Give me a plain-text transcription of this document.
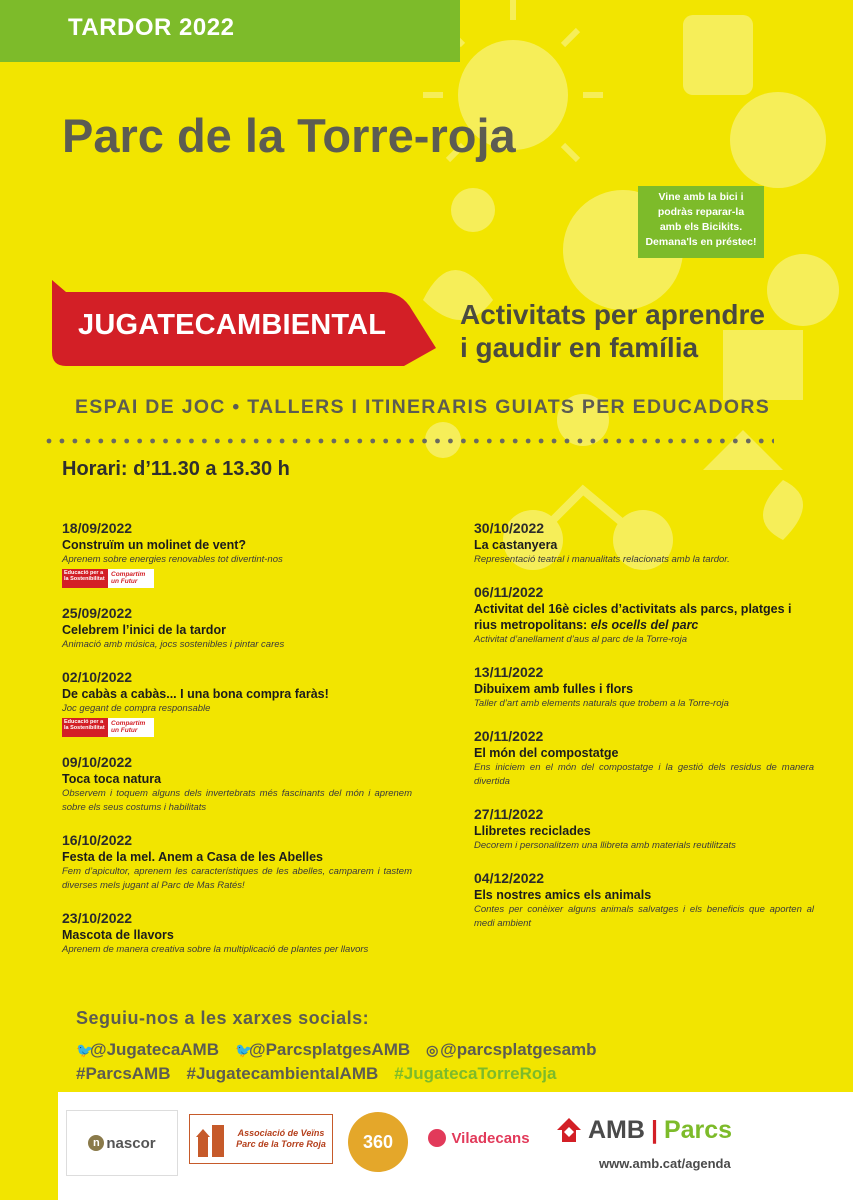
TARDOR 2022
Parc de la Torre-roja
Vine amb la bici i
podràs reparar-la
amb els Bicikits.
Demana'ls en préstec!
JUGATECAMBIENTAL	Activitats per aprendre
i gaudir en família
ESPAI DE JOC • TALLERS I ITINERARIS GUIATS PER EDUCADORS
Horari: d’11.30 a 13.30 h
18/09/2022
Construïm un molinet de vent?
Aprenem sobre energies renovables tot divertint-nos
Educació per a la Sostenibilitat
Compartim un Futur
25/09/2022
Celebrem l’inici de la tardor
Animació amb música, jocs sostenibles i pintar cares
02/10/2022
De cabàs a cabàs... I una bona compra faràs!
Joc gegant de compra responsable
Educació per a la Sostenibilitat
Compartim un Futur
09/10/2022
Toca toca natura
Observem i toquem alguns dels invertebrats més fascinants del món i aprenem sobre els seus costums i habilitats
16/10/2022
Festa de la mel. Anem a Casa de les Abelles
Fem d’apicultor, aprenem les característiques de les abelles, camparem i tastem diverses mels jugant al Parc de Mas Ratés!
23/10/2022
Mascota de llavors
Aprenem de manera creativa sobre la multiplicació de plantes per llavors
30/10/2022
La castanyera
Representació teatral i manualitats relacionats amb la tardor.
06/11/2022
Activitat del 16è cicles d’activitats als parcs, platges i rius metropolitans: els ocells del parc
Activitat d’anellament d’aus al parc de la Torre-roja
13/11/2022
Dibuixem amb fulles i flors
Taller d’art amb elements naturals que trobem a la Torre-roja
20/11/2022
El món del compostatge
Ens iniciem en el món del compostatge i la gestió dels residus de manera divertida
27/11/2022
Llibretes reciclades
Decorem i personalitzem una llibreta amb materials reutilitzats
04/12/2022
Els nostres amics els animals
Contes per conèixer alguns animals salvatges i els beneficis que aporten al medi ambient
Seguiu-nos a les xarxes socials:
🐦@JugatecaAMB 🐦@ParcsplatgesAMB ◎ @parcsplatgesamb
#ParcsAMB #JugatecambientalAMB #JugatecaTorreRoja
n nascor
Associació de Veïns Parc de la Torre Roja	360	Viladecans AMB | Parcs
www.amb.cat/agenda
